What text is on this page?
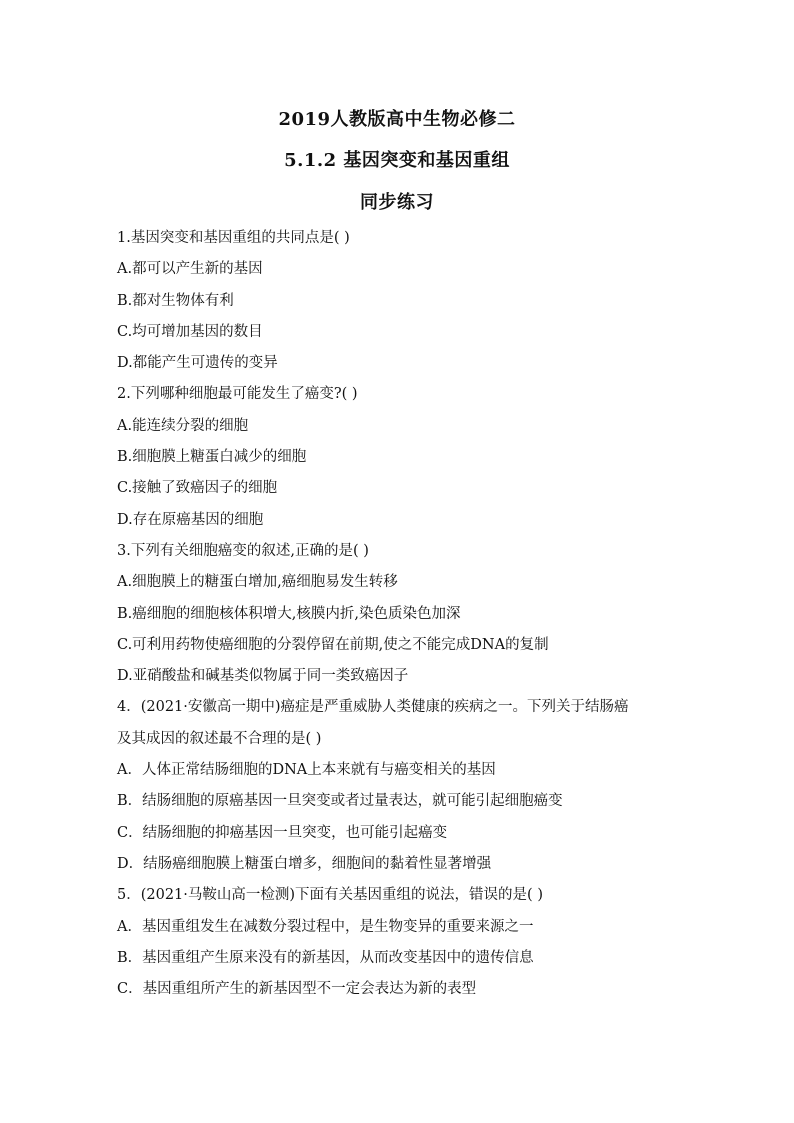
2019人教版高中生物必修二
5.1.2 基因突变和基因重组
同步练习
1.基因突变和基因重组的共同点是( )
A.都可以产生新的基因
B.都对生物体有利
C.均可增加基因的数目
D.都能产生可遗传的变异
2.下列哪种细胞最可能发生了癌变?( )
A.能连续分裂的细胞
B.细胞膜上糖蛋白减少的细胞
C.接触了致癌因子的细胞
D.存在原癌基因的细胞
3.下列有关细胞癌变的叙述,正确的是( )
A.细胞膜上的糖蛋白增加,癌细胞易发生转移
B.癌细胞的细胞核体积增大,核膜内折,染色质染色加深
C.可利用药物使癌细胞的分裂停留在前期,使之不能完成DNA的复制
D.亚硝酸盐和碱基类似物属于同一类致癌因子
4．(2021·安徽高一期中)癌症是严重威胁人类健康的疾病之一。下列关于结肠癌
及其成因的叙述最不合理的是( )
A．人体正常结肠细胞的DNA上本来就有与癌变相关的基因
B．结肠细胞的原癌基因一旦突变或者过量表达，就可能引起细胞癌变
C．结肠细胞的抑癌基因一旦突变，也可能引起癌变
D．结肠癌细胞膜上糖蛋白增多，细胞间的黏着性显著增强
5．(2021·马鞍山高一检测)下面有关基因重组的说法，错误的是( )
A．基因重组发生在减数分裂过程中，是生物变异的重要来源之一
B．基因重组产生原来没有的新基因，从而改变基因中的遗传信息
C．基因重组所产生的新基因型不一定会表达为新的表型
